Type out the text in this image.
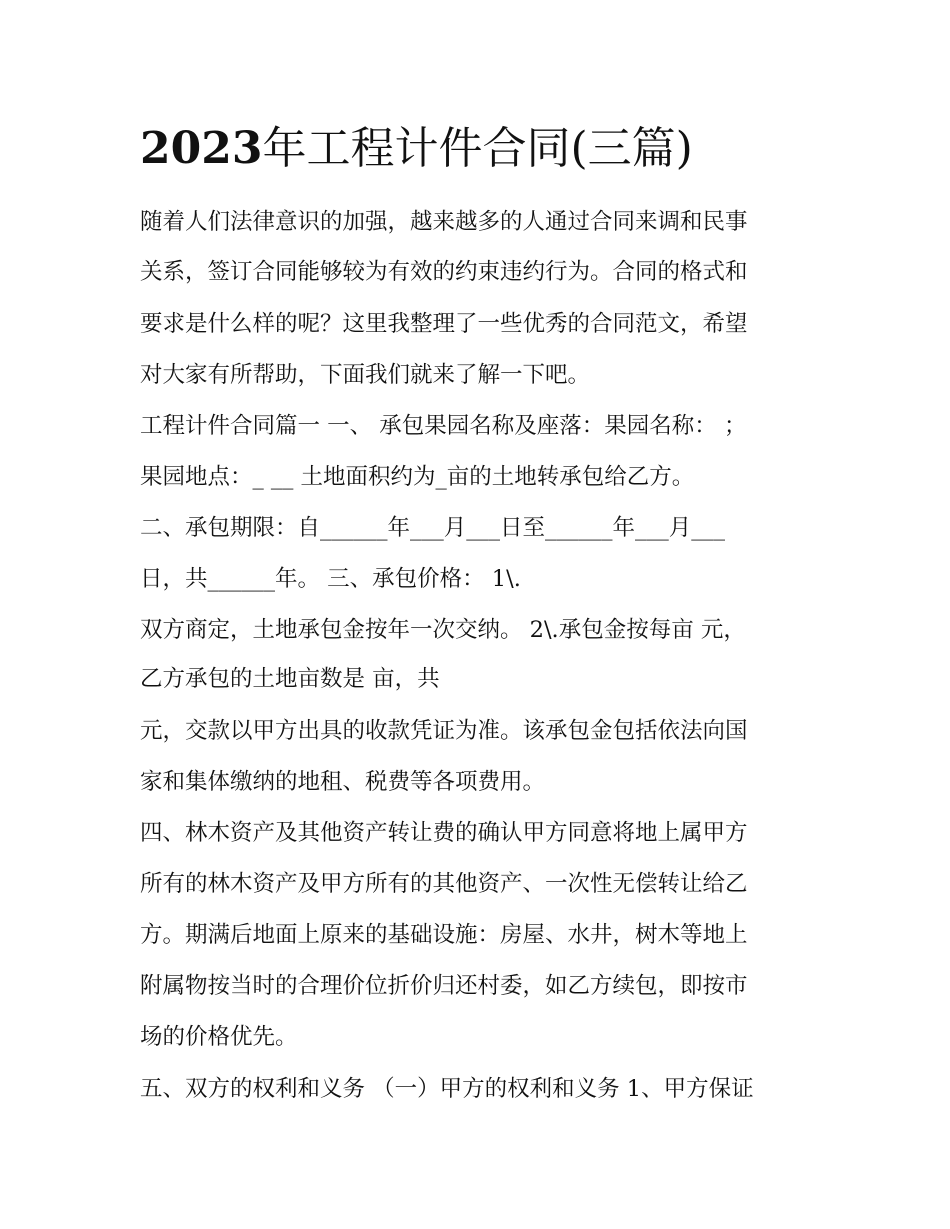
2023年工程计件合同(三篇)
随着人们法律意识的加强，越来越多的人通过合同来调和民事
关系，签订合同能够较为有效的约束违约行为。合同的格式和
要求是什么样的呢？这里我整理了一些优秀的合同范文，希望
对大家有所帮助，下面我们就来了解一下吧。
工程计件合同篇一 一、 承包果园名称及座落：果园名称： ；
果园地点：_ __ 土地面积约为_亩的土地转承包给乙方。
二、承包期限：自______年___月___日至______年___月___
日，共______年。 三、承包价格： 1\.
双方商定，土地承包金按年一次交纳。 2\.承包金按每亩 元，
乙方承包的土地亩数是 亩，共
元，交款以甲方出具的收款凭证为准。该承包金包括依法向国
家和集体缴纳的地租、税费等各项费用。
四、林木资产及其他资产转让费的确认甲方同意将地上属甲方
所有的林木资产及甲方所有的其他资产、一次性无偿转让给乙
方。期满后地面上原来的基础设施：房屋、水井，树木等地上
附属物按当时的合理价位折价归还村委，如乙方续包，即按市
场的价格优先。
五、双方的权利和义务 （一）甲方的权利和义务 1、甲方保证
